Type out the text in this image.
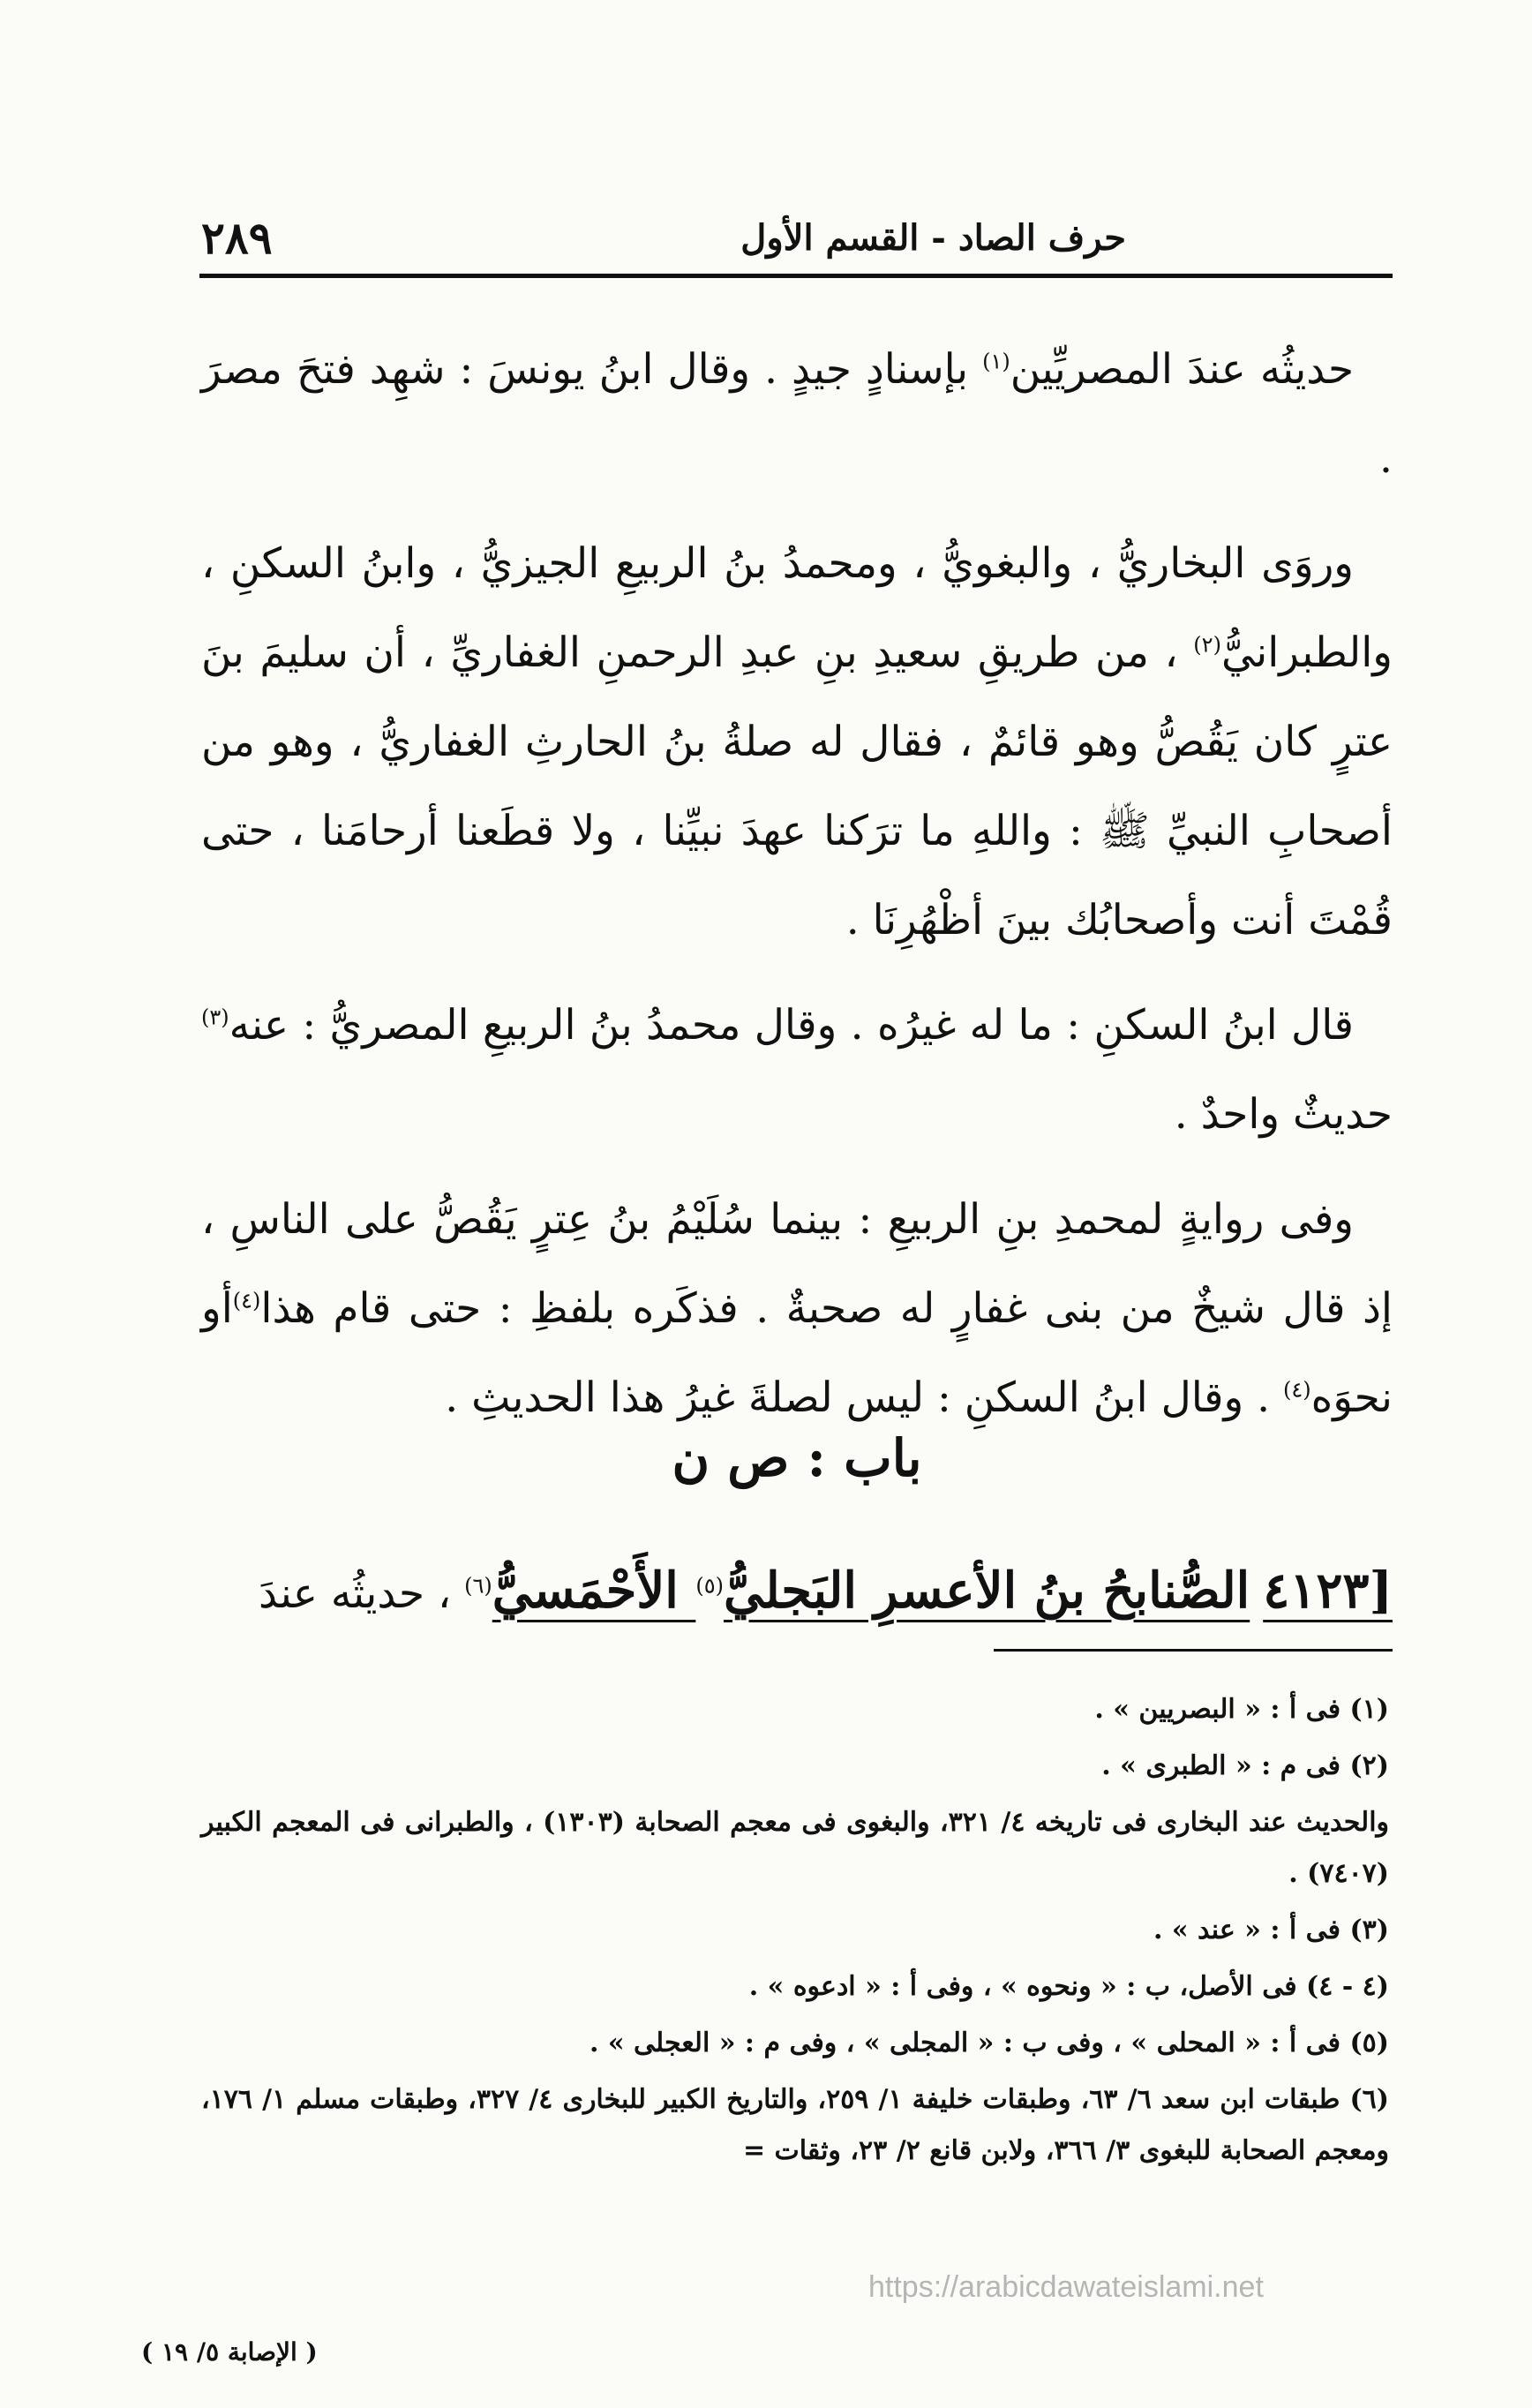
حرف الصاد - القسم الأول
٢٨٩

حديثُه عندَ المصريِّين$^{(١)}$ بإسنادٍ جيدٍ . وقال ابنُ يونسَ : شهِد فتحَ مصرَ .

وروَى البخاريُّ ، والبغويُّ ، ومحمدُ بنُ الربيعِ الجيزيُّ ، وابنُ السكنِ ، والطبرانيُّ$^{(٢)}$ ، من طريقِ سعيدِ بنِ عبدِ الرحمنِ الغفاريِّ ، أن سليمَ بنَ عترٍ كان يَقُصُّ وهو قائمٌ ، فقال له صلةُ بنُ الحارثِ الغفاريُّ ، وهو من أصحابِ النبيِّ ﷺ : واللهِ ما ترَكنا عهدَ نبيِّنا ، ولا قطَعنا أرحامَنا ، حتى قُمْتَ أنت وأصحابُك بينَ أظْهُرِنَا .

قال ابنُ السكنِ : ما له غيرُه . وقال محمدُ بنُ الربيعِ المصريُّ : عنه$^{(٣)}$ حديثٌ واحدٌ .

وفى روايةٍ لمحمدِ بنِ الربيعِ : بينما سُلَيْمُ بنُ عِترٍ يَقُصُّ على الناسِ ، إذ قال شيخٌ من بنى غفارٍ له صحبةٌ . فذكَره بلفظِ : حتى قام هذا$^{(٤)}$أو نحوَه$^{(٤)}$ . وقال ابنُ السكنِ : ليس لصلةَ غيرُ هذا الحديثِ .

باب : ص ن
[٤١٢٣ الصُّنابحُ بنُ الأعسرِ البَجليُّ$^{(٥)}$ الأَحْمَسيُّ$^{(٦)}$ ، حديثُه عندَ
(١) فى أ : « البصريين » .
(٢) فى م : « الطبرى » .
والحديث عند البخارى فى تاريخه ٤/ ٣٢١، والبغوى فى معجم الصحابة (١٣٠٣) ، والطبرانى فى المعجم الكبير (٧٤٠٧) .
(٣) فى أ : « عند » .
(٤ - ٤) فى الأصل، ب : « ونحوه » ، وفى أ : « ادعوه » .
(٥) فى أ : « المحلى » ، وفى ب : « المجلى » ، وفى م : « العجلى » .
(٦) طبقات ابن سعد ٦/ ٦٣، وطبقات خليفة ١/ ٢٥٩، والتاريخ الكبير للبخارى ٤/ ٣٢٧، وطبقات مسلم ١/ ١٧٦، ومعجم الصحابة للبغوى ٣/ ٣٦٦، ولابن قانع ٢/ ٢٣، وثقات =
https://arabicdawateislami.net
( الإصابة ٥/ ١٩ )
